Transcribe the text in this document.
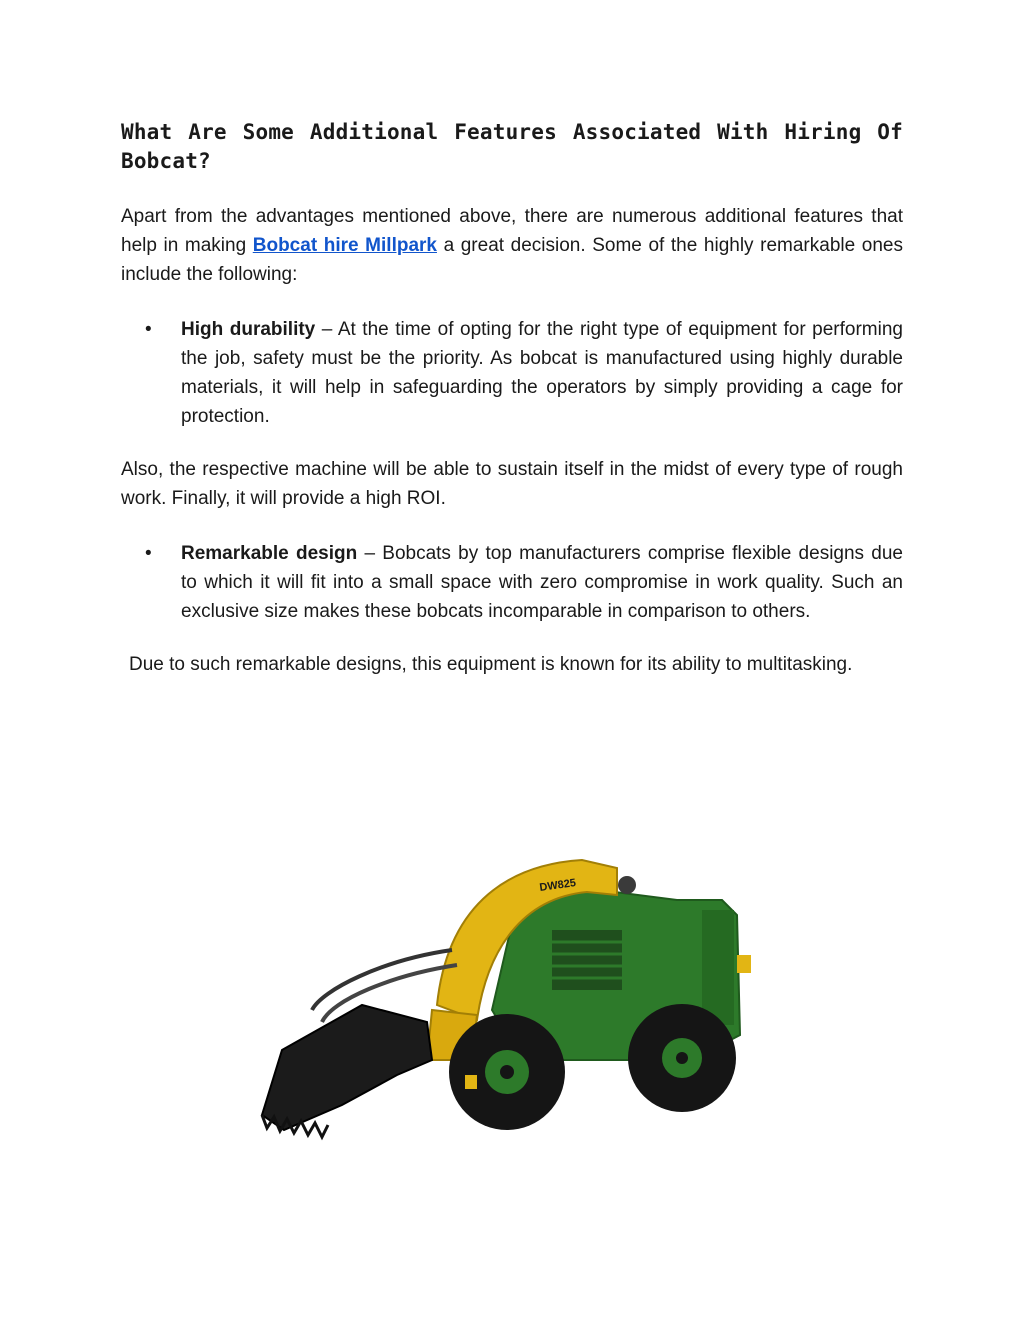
What Are Some Additional Features Associated With Hiring Of Bobcat?

Apart from the advantages mentioned above, there are numerous additional features that help in making Bobcat hire Millpark a great decision. Some of the highly remarkable ones include the following:

• High durability – At the time of opting for the right type of equipment for performing the job, safety must be the priority. As bobcat is manufactured using highly durable materials, it will help in safeguarding the operators by simply providing a cage for protection.

Also, the respective machine will be able to sustain itself in the midst of every type of rough work. Finally, it will provide a high ROI.

• Remarkable design – Bobcats by top manufacturers comprise flexible designs due to which it will fit into a small space with zero compromise in work quality. Such an exclusive size makes these bobcats incomparable in comparison to others.

Due to such remarkable designs, this equipment is known for its ability to multitasking.

DW825
